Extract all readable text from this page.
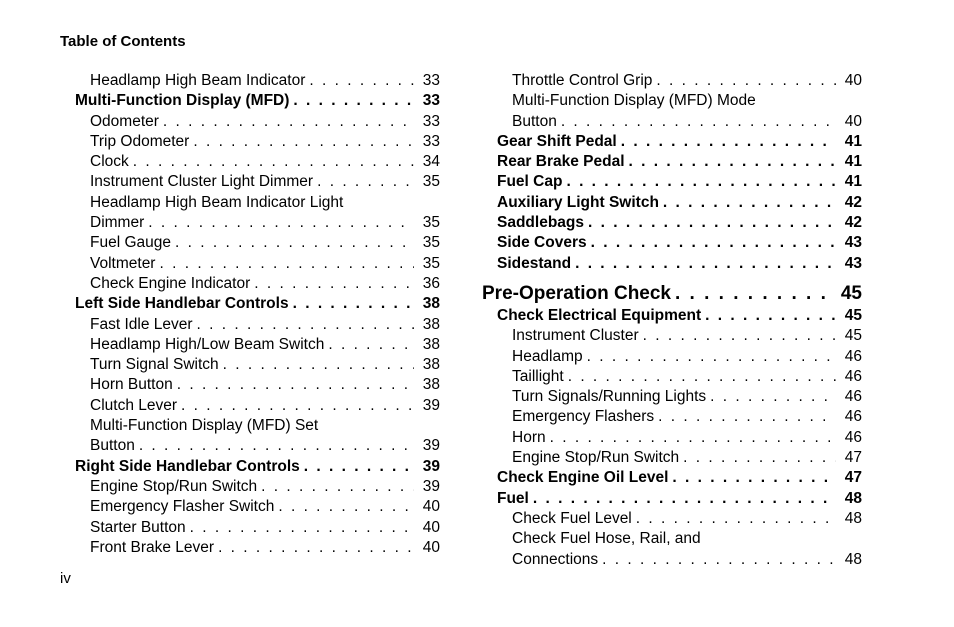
Table of Contents
Headlamp High Beam Indicator . . .	33
Multi-Function Display (MFD) . . .	33
Odometer . . .	33
Trip Odometer . . .	33
Clock . . .	34
Instrument Cluster Light Dimmer . . .	35
Headlamp High Beam Indicator Light
Dimmer . . .	35
Fuel Gauge . . .	35
Voltmeter . . .	35
Check Engine Indicator . . .	36
Left Side Handlebar Controls . . .	38
Fast Idle Lever . . .	38
Headlamp High/Low Beam Switch . . .	38
Turn Signal Switch . . .	38
Horn Button . . .	38
Clutch Lever . . .	39
Multi-Function Display (MFD) Set
Button . . .	39
Right Side Handlebar Controls . . .	39
Engine Stop/Run Switch . . .	39
Emergency Flasher Switch . . .	40
Starter Button . . .	40
Front Brake Lever . . .	40
Throttle Control Grip . . .	40
Multi-Function Display (MFD) Mode
Button . . .	40
Gear Shift Pedal . . .	41
Rear Brake Pedal . . .	41
Fuel Cap . . .	41
Auxiliary Light Switch . . .	42
Saddlebags . . .	42
Side Covers . . .	43
Sidestand . . .	43
Pre-Operation Check . . .	45
Check Electrical Equipment . . .	45
Instrument Cluster . . .	45
Headlamp . . .	46
Taillight . . .	46
Turn Signals/Running Lights . . .	46
Emergency Flashers . . .	46
Horn . . .	46
Engine Stop/Run Switch . . .	47
Check Engine Oil Level . . .	47
Fuel . . .	48
Check Fuel Level . . .	48
Check Fuel Hose, Rail, and
Connections . . .	48
iv
